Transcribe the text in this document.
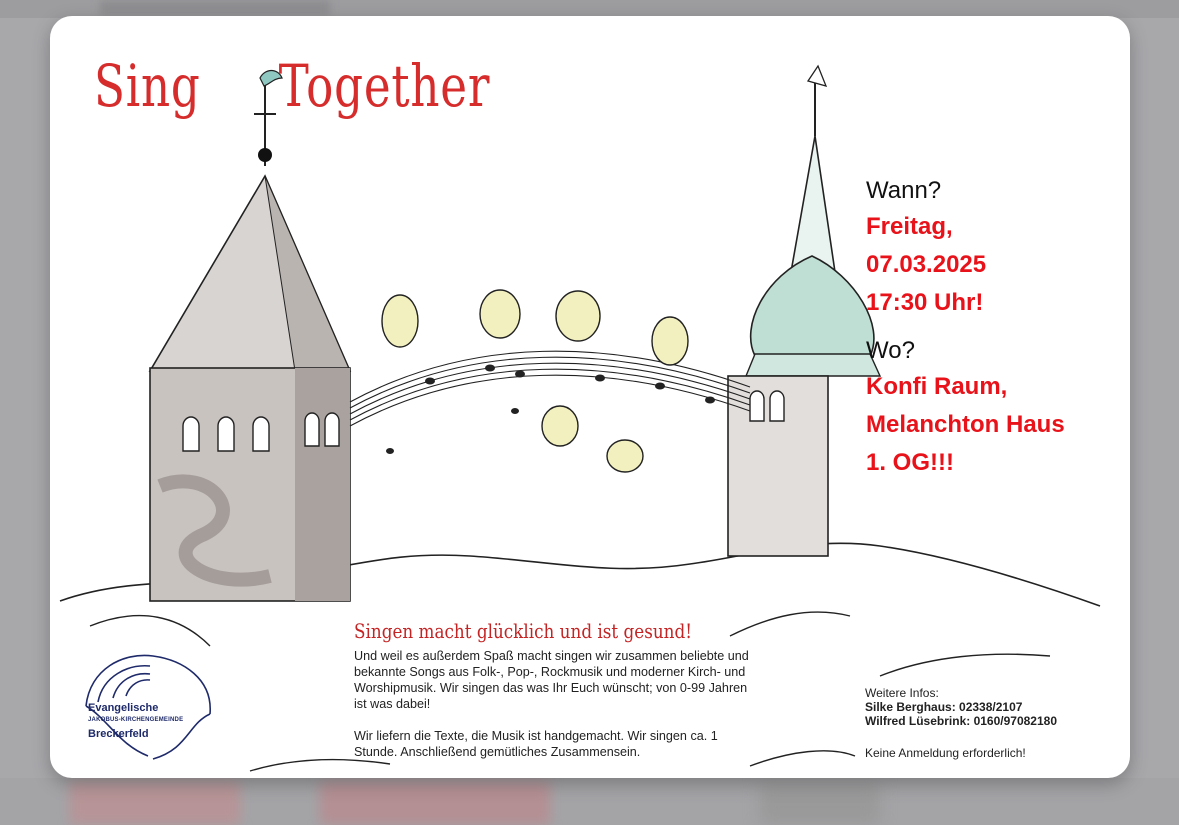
Sing Together
Wann?
Freitag,
07.03.2025
17:30 Uhr!
Wo?
Konfi Raum,
Melanchton Haus
1. OG!!!
Singen macht glücklich und ist gesund!

Und weil es außerdem Spaß macht singen wir zusammen beliebte und bekannte Songs aus Folk-, Pop-, Rockmusik und moderner Kirch- und Worshipmusik. Wir singen das was Ihr Euch wünscht; von 0-99 Jahren ist was dabei!

Wir liefern die Texte, die Musik ist handgemacht. Wir singen ca. 1 Stunde. Anschließend gemütliches Zusammensein.

Weitere Infos:
Silke Berghaus: 02338/2107
Wilfred Lüsebrink: 0160/97082180
Keine Anmeldung erforderlich!
Evangelische
JAKOBUS-KIRCHENGEMEINDE
Breckerfeld
